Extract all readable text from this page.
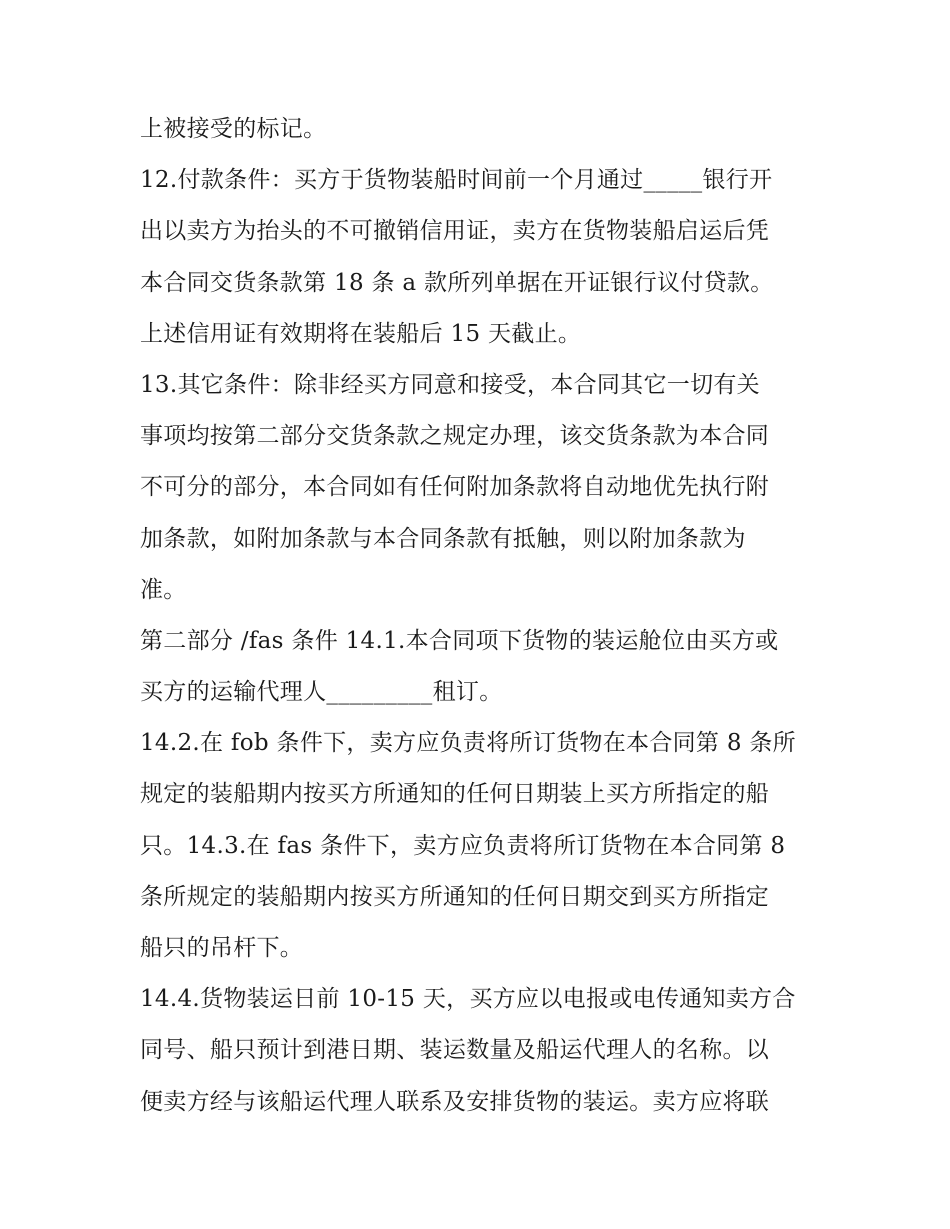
上被接受的标记。
12.付款条件：买方于货物装船时间前一个月通过_____银行开
出以卖方为抬头的不可撤销信用证，卖方在货物装船启运后凭
本合同交货条款第 18 条 a 款所列单据在开证银行议付贷款。
上述信用证有效期将在装船后 15 天截止。
13.其它条件：除非经买方同意和接受，本合同其它一切有关
事项均按第二部分交货条款之规定办理，该交货条款为本合同
不可分的部分，本合同如有任何附加条款将自动地优先执行附
加条款，如附加条款与本合同条款有抵触，则以附加条款为
准。
第二部分 /fas 条件 14.1.本合同项下货物的装运舱位由买方或
买方的运输代理人_________租订。
14.2.在 fob 条件下，卖方应负责将所订货物在本合同第 8 条所
规定的装船期内按买方所通知的任何日期装上买方所指定的船
只。14.3.在 fas 条件下，卖方应负责将所订货物在本合同第 8
条所规定的装船期内按买方所通知的任何日期交到买方所指定
船只的吊杆下。
14.4.货物装运日前 10-15 天，买方应以电报或电传通知卖方合
同号、船只预计到港日期、装运数量及船运代理人的名称。以
便卖方经与该船运代理人联系及安排货物的装运。卖方应将联
